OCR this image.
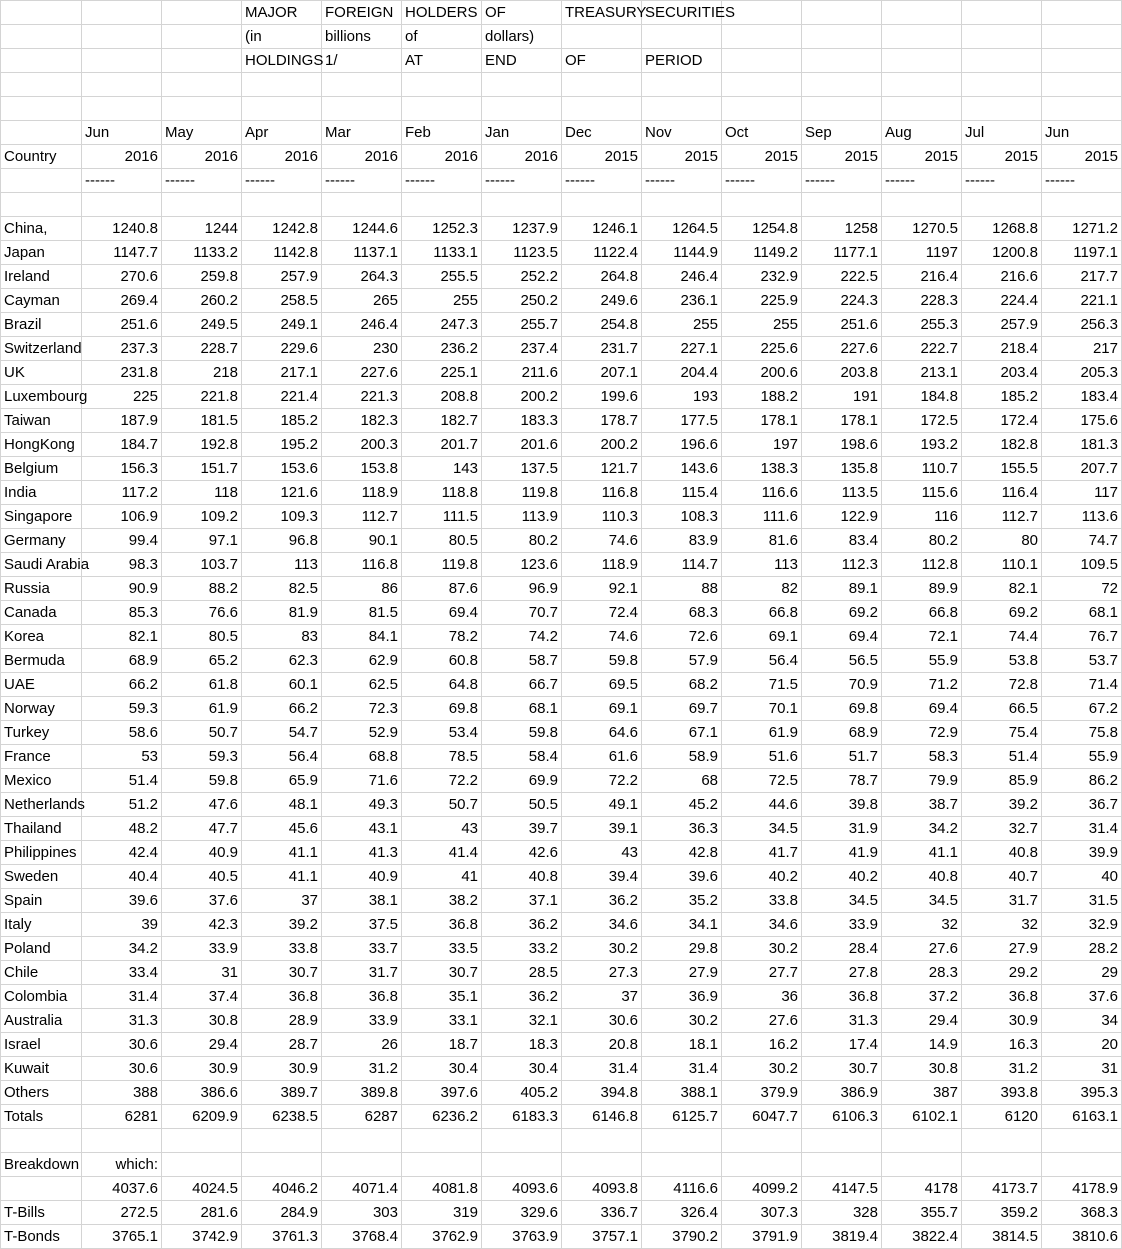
			MAJOR	FOREIGN	HOLDERS	OF	TREASURY	SECURITIES					
			(in	billions	of	dollars)							
			HOLDINGS	1/	AT	END	OF	PERIOD					

	Jun	May	Apr	Mar	Feb	Jan	Dec	Nov	Oct	Sep	Aug	Jul	Jun
Country	2016	2016	2016	2016	2016	2016	2015	2015	2015	2015	2015	2015	2015
	------	------	------	------	------	------	------	------	------	------	------	------	------

China,	1240.8	1244	1242.8	1244.6	1252.3	1237.9	1246.1	1264.5	1254.8	1258	1270.5	1268.8	1271.2
Japan	1147.7	1133.2	1142.8	1137.1	1133.1	1123.5	1122.4	1144.9	1149.2	1177.1	1197	1200.8	1197.1
Ireland	270.6	259.8	257.9	264.3	255.5	252.2	264.8	246.4	232.9	222.5	216.4	216.6	217.7
Cayman	269.4	260.2	258.5	265	255	250.2	249.6	236.1	225.9	224.3	228.3	224.4	221.1
Brazil	251.6	249.5	249.1	246.4	247.3	255.7	254.8	255	255	251.6	255.3	257.9	256.3
Switzerland	237.3	228.7	229.6	230	236.2	237.4	231.7	227.1	225.6	227.6	222.7	218.4	217
UK	231.8	218	217.1	227.6	225.1	211.6	207.1	204.4	200.6	203.8	213.1	203.4	205.3
Luxembourg	225	221.8	221.4	221.3	208.8	200.2	199.6	193	188.2	191	184.8	185.2	183.4
Taiwan	187.9	181.5	185.2	182.3	182.7	183.3	178.7	177.5	178.1	178.1	172.5	172.4	175.6
HongKong	184.7	192.8	195.2	200.3	201.7	201.6	200.2	196.6	197	198.6	193.2	182.8	181.3
Belgium	156.3	151.7	153.6	153.8	143	137.5	121.7	143.6	138.3	135.8	110.7	155.5	207.7
India	117.2	118	121.6	118.9	118.8	119.8	116.8	115.4	116.6	113.5	115.6	116.4	117
Singapore	106.9	109.2	109.3	112.7	111.5	113.9	110.3	108.3	111.6	122.9	116	112.7	113.6
Germany	99.4	97.1	96.8	90.1	80.5	80.2	74.6	83.9	81.6	83.4	80.2	80	74.7
Saudi Arabia	98.3	103.7	113	116.8	119.8	123.6	118.9	114.7	113	112.3	112.8	110.1	109.5
Russia	90.9	88.2	82.5	86	87.6	96.9	92.1	88	82	89.1	89.9	82.1	72
Canada	85.3	76.6	81.9	81.5	69.4	70.7	72.4	68.3	66.8	69.2	66.8	69.2	68.1
Korea	82.1	80.5	83	84.1	78.2	74.2	74.6	72.6	69.1	69.4	72.1	74.4	76.7
Bermuda	68.9	65.2	62.3	62.9	60.8	58.7	59.8	57.9	56.4	56.5	55.9	53.8	53.7
UAE	66.2	61.8	60.1	62.5	64.8	66.7	69.5	68.2	71.5	70.9	71.2	72.8	71.4
Norway	59.3	61.9	66.2	72.3	69.8	68.1	69.1	69.7	70.1	69.8	69.4	66.5	67.2
Turkey	58.6	50.7	54.7	52.9	53.4	59.8	64.6	67.1	61.9	68.9	72.9	75.4	75.8
France	53	59.3	56.4	68.8	78.5	58.4	61.6	58.9	51.6	51.7	58.3	51.4	55.9
Mexico	51.4	59.8	65.9	71.6	72.2	69.9	72.2	68	72.5	78.7	79.9	85.9	86.2
Netherlands	51.2	47.6	48.1	49.3	50.7	50.5	49.1	45.2	44.6	39.8	38.7	39.2	36.7
Thailand	48.2	47.7	45.6	43.1	43	39.7	39.1	36.3	34.5	31.9	34.2	32.7	31.4
Philippines	42.4	40.9	41.1	41.3	41.4	42.6	43	42.8	41.7	41.9	41.1	40.8	39.9
Sweden	40.4	40.5	41.1	40.9	41	40.8	39.4	39.6	40.2	40.2	40.8	40.7	40
Spain	39.6	37.6	37	38.1	38.2	37.1	36.2	35.2	33.8	34.5	34.5	31.7	31.5
Italy	39	42.3	39.2	37.5	36.8	36.2	34.6	34.1	34.6	33.9	32	32	32.9
Poland	34.2	33.9	33.8	33.7	33.5	33.2	30.2	29.8	30.2	28.4	27.6	27.9	28.2
Chile	33.4	31	30.7	31.7	30.7	28.5	27.3	27.9	27.7	27.8	28.3	29.2	29
Colombia	31.4	37.4	36.8	36.8	35.1	36.2	37	36.9	36	36.8	37.2	36.8	37.6
Australia	31.3	30.8	28.9	33.9	33.1	32.1	30.6	30.2	27.6	31.3	29.4	30.9	34
Israel	30.6	29.4	28.7	26	18.7	18.3	20.8	18.1	16.2	17.4	14.9	16.3	20
Kuwait	30.6	30.9	30.9	31.2	30.4	30.4	31.4	31.4	30.2	30.7	30.8	31.2	31
Others	388	386.6	389.7	389.8	397.6	405.2	394.8	388.1	379.9	386.9	387	393.8	395.3
Totals	6281	6209.9	6238.5	6287	6236.2	6183.3	6146.8	6125.7	6047.7	6106.3	6102.1	6120	6163.1

Breakdown	which:												
	4037.6	4024.5	4046.2	4071.4	4081.8	4093.6	4093.8	4116.6	4099.2	4147.5	4178	4173.7	4178.9
T-Bills	272.5	281.6	284.9	303	319	329.6	336.7	326.4	307.3	328	355.7	359.2	368.3
T-Bonds	3765.1	3742.9	3761.3	3768.4	3762.9	3763.9	3757.1	3790.2	3791.9	3819.4	3822.4	3814.5	3810.6
